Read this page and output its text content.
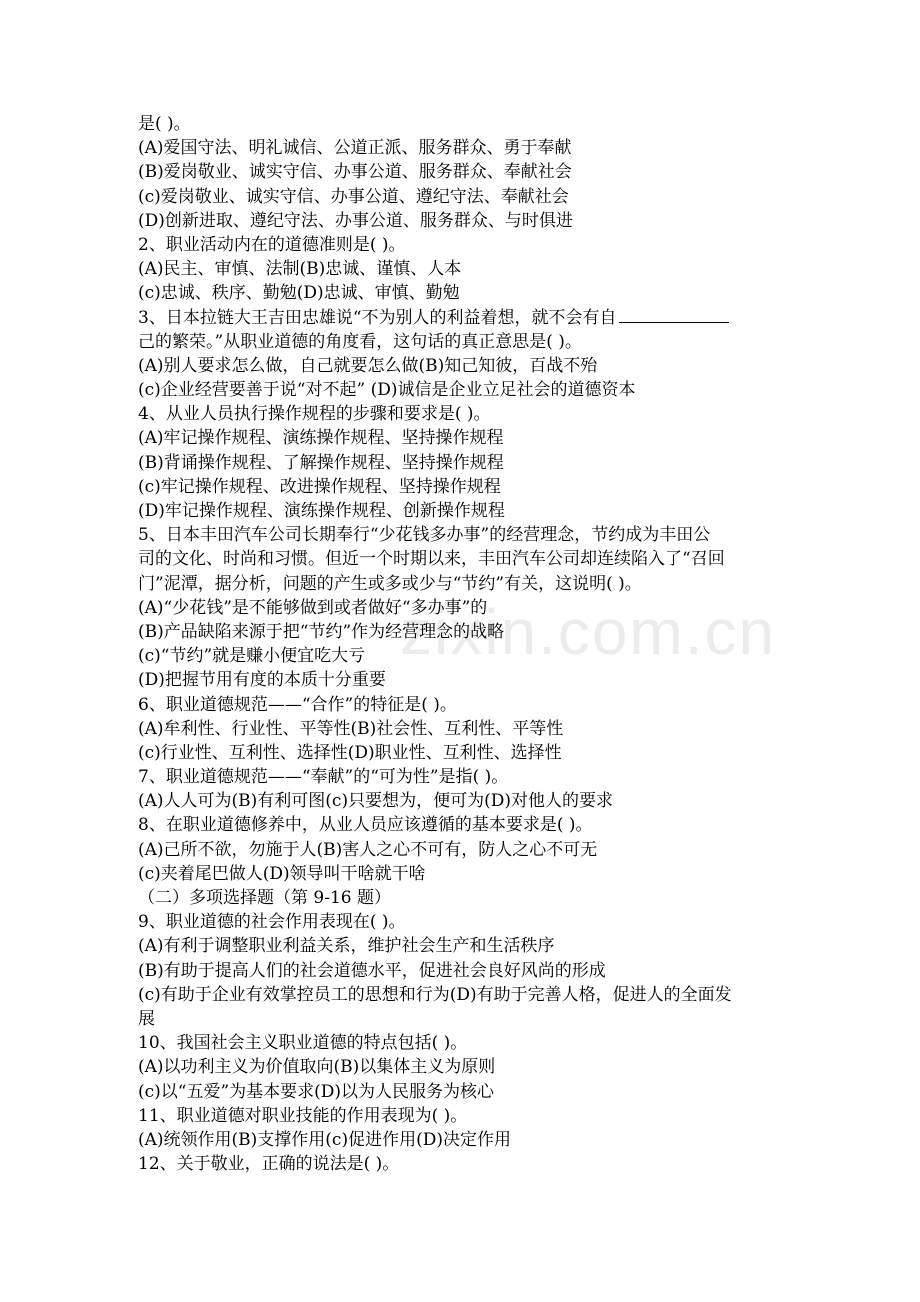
zixin.com.cn
是( )。
(A)爱国守法、明礼诚信、公道正派、服务群众、勇于奉献
(B)爱岗敬业、诚实守信、办事公道、服务群众、奉献社会
(c)爱岗敬业、诚实守信、办事公道、遵纪守法、奉献社会
(D)创新进取、遵纪守法、办事公道、服务群众、与时俱进
2、职业活动内在的道德准则是( )。
(A)民主、审慎、法制(B)忠诚、谨慎、人本
(c)忠诚、秩序、勤勉(D)忠诚、审慎、勤勉
3、日本拉链大王吉田忠雄说“不为别人的利益着想，就不会有自
己的繁荣。”从职业道德的角度看，这句话的真正意思是( )。
(A)别人要求怎么做，自己就要怎么做(B)知己知彼，百战不殆
(c)企业经营要善于说“对不起” (D)诚信是企业立足社会的道德资本
4、从业人员执行操作规程的步骤和要求是( )。
(A)牢记操作规程、演练操作规程、坚持操作规程
(B)背诵操作规程、了解操作规程、坚持操作规程
(c)牢记操作规程、改进操作规程、坚持操作规程
(D)牢记操作规程、演练操作规程、创新操作规程
5、日本丰田汽车公司长期奉行“少花钱多办事”的经营理念，节约成为丰田公
司的文化、时尚和习惯。但近一个时期以来，丰田汽车公司却连续陷入了“召回
门”泥潭，据分析，问题的产生或多或少与“节约”有关，这说明( )。
(A)“少花钱”是不能够做到或者做好“多办事”的
(B)产品缺陷来源于把“节约”作为经营理念的战略
(c)“节约”就是赚小便宜吃大亏
(D)把握节用有度的本质十分重要
6、职业道德规范——“合作”的特征是( )。
(A)牟利性、行业性、平等性(B)社会性、互利性、平等性
(c)行业性、互利性、选择性(D)职业性、互利性、选择性
7、职业道德规范——“奉献”的“可为性”是指( )。
(A)人人可为(B)有利可图(c)只要想为，便可为(D)对他人的要求
8、在职业道德修养中，从业人员应该遵循的基本要求是( )。
(A)己所不欲，勿施于人(B)害人之心不可有，防人之心不可无
(c)夹着尾巴做人(D)领导叫干啥就干啥
（二）多项选择题（第 9-16 题）
9、职业道德的社会作用表现在( )。
(A)有利于调整职业利益关系，维护社会生产和生活秩序
(B)有助于提高人们的社会道德水平，促进社会良好风尚的形成
(c)有助于企业有效掌控员工的思想和行为(D)有助于完善人格，促进人的全面发
展
10、我国社会主义职业道德的特点包括( )。
(A)以功利主义为价值取向(B)以集体主义为原则
(c)以“五爱”为基本要求(D)以为人民服务为核心
11、职业道德对职业技能的作用表现为( )。
(A)统领作用(B)支撑作用(c)促进作用(D)决定作用
12、关于敬业，正确的说法是( )。
